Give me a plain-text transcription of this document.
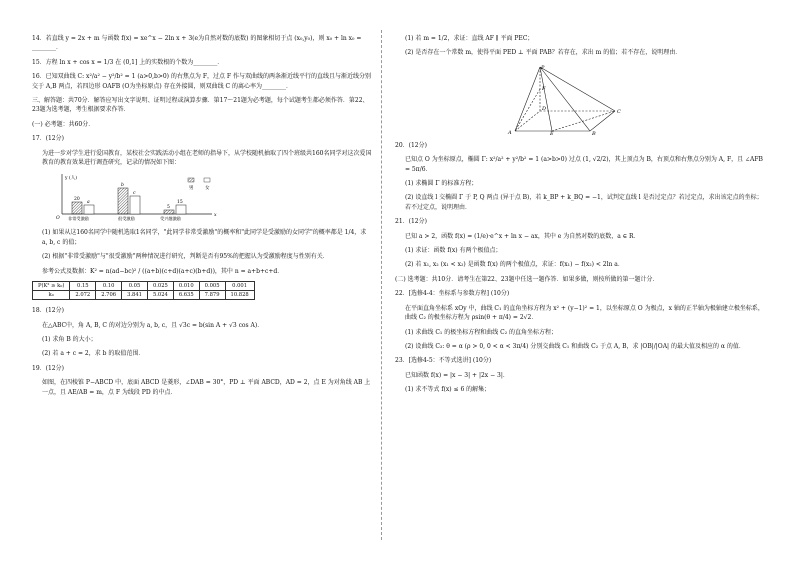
14．若直线 y = 2x + m 与函数 f(x) = xe^x − 2ln x + 3(e为自然对数的底数) 的图象相切于点 (x₀,y₀)，则 x₀ + ln x₀ = ________．
15．方程 ln x + cos x = 1/3 在 (0,1] 上的实数根的个数为________．
16．已知双曲线 C: x²/a² − y²/b² = 1 (a>0,b>0) 的右焦点为 F，过点 F 作与双曲线的两条渐近线平行的直线且与渐近线分别交于 A,B 两点，若四边形 OAFB (O为坐标原点) 存在外接圆，则双曲线 C 的离心率为________．
三、解答题：共70分．解答应写出文字说明、证明过程或演算步骤．第17～21题为必考题，每个试题考生都必须作答．第22、23题为选考题，考生根据要求作答．
(一) 必考题：共60分．
17．(12分)
为进一步对学生进行爱国教育，某校社会实践活动小组在老师的指导下，从学校随机抽取了四个班级共160名同学对这次爱国教育的教育效果进行调查研究，记录的情况如下图：
男	女
20
a
b
c
5
15
y (人)
O
x
非常受激励	很受激励	受兴趣激励
(1) 如果从这160名同学中随机选取1名同学，"此同学非常受激励"的概率和"此同学是受激励的女同学"的概率都是 1/4，求 a, b, c 的值；
(2) 根据"非常受激励"与"很受激励"两种情况进行研究，判断是否有95%的把握认为受激励程度与性别有关．
参考公式及数据：K² = n(ad−bc)² / ((a+b)(c+d)(a+c)(b+d))，其中 n = a+b+c+d．
P(K² ≥ k₀)	0.15	0.10	0.05	0.025	0.010	0.005	0.001
k₀	2.072	2.706	3.841	5.024	6.635	7.879	10.828
18．(12分)
在△ABC中，角 A, B, C 的对边分别为 a, b, c，且 √3c = b(sin A + √3 cos A)．
(1) 求角 B 的大小；
(2) 若 a + c = 2，求 b 的取值范围．
19．(12分)
如图，在四棱锥 P−ABCD 中，底面 ABCD 是菱形，∠DAB = 30°，PD ⊥ 平面 ABCD，AD = 2，点 E 为对角线 AB 上一点，且 AE/AB = m，点 F 为线段 PD 的中点．
(1) 若 m = 1/2，求证：直线 AF ∥ 平面 PEC；
(2) 是否存在一个常数 m，使得平面 PED ⊥ 平面 PAB？若存在，求出 m 的值；若不存在，说明理由．
P
F
D	C
A	E	B
20．(12分)
已知点 O 为坐标原点，椭圆 Γ: x²/a² + y²/b² = 1 (a>b>0) 过点 (1, √2/2)，其上顶点为 B，右顶点和右焦点分别为 A, F，且 ∠AFB = 5π/6．
(1) 求椭圆 Γ 的标准方程；
(2) 设直线 l 交椭圆 Γ 于 P, Q 两点 (异于点 B)，若 k_BP + k_BQ = −1，试判定直线 l 是否过定点？若过定点，求出该定点的坐标；若不过定点，说明理由．
21．(12分)
已知 a > 2，函数 f(x) = (1/e)·e^x + ln x − ax，其中 e 为自然对数的底数，a ∈ R．
(1) 求证：函数 f(x) 有两个极值点；
(2) 若 x₁, x₂ (x₁ < x₂) 是函数 f(x) 的两个极值点，求证：f(x₁) − f(x₂) < 2ln a．
(二) 选考题：共10分．请考生在第22、23题中任选一题作答．如果多做，则按所做的第一题计分．
22．[选修4-4：坐标系与参数方程] (10分)
在平面直角坐标系 xOy 中，曲线 C₁ 的直角坐标方程为 x² + (y−1)² = 1，以坐标原点 O 为极点，x 轴的正半轴为极轴建立极坐标系，曲线 C₂ 的极坐标方程为 ρsin(θ + π/4) = 2√2．
(1) 求曲线 C₁ 的极坐标方程和曲线 C₂ 的直角坐标方程；
(2) 设曲线 C₃: θ = α (ρ > 0, 0 < α < 3π/4) 分别交曲线 C₁ 和曲线 C₂ 于点 A, B，求 |OB|/|OA| 的最大值及相应的 α 的值．
23．[选修4-5：不等式选讲] (10分)
已知函数 f(x) = |x − 3| + |2x − 3|．
(1) 求不等式 f(x) ≤ 6 的解集；
